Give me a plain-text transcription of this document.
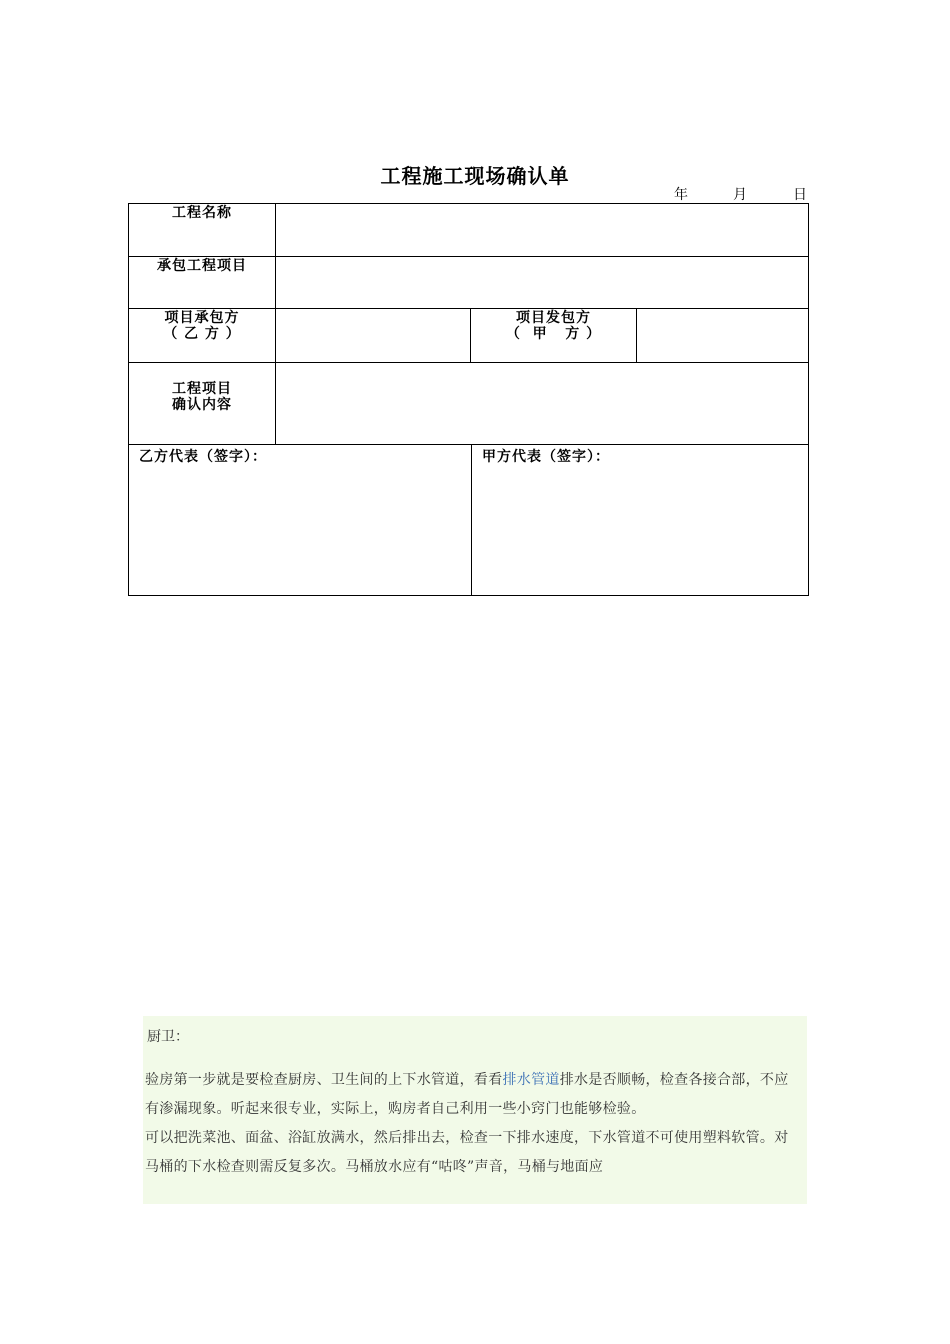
工程施工现场确认单
年	月	日
工程名称
承包工程项目
项目承包方
（ 乙 方 ）
项目发包方
（  甲   方 ）
工程项目
确认内容
乙方代表（签字）：	甲方代表（签字）：

厨卫：

验房第一步就是要检查厨房、卫生间的上下水管道，看看排水管道排水是否顺畅，检查各接合部，不应有渗漏现象。听起来很专业，实际上，购房者自己利用一些小窍门也能够检验。

可以把洗菜池、面盆、浴缸放满水，然后排出去，检查一下排水速度，下水管道不可使用塑料软管。对马桶的下水检查则需反复多次。马桶放水应有“咕咚”声音，马桶与地面应
